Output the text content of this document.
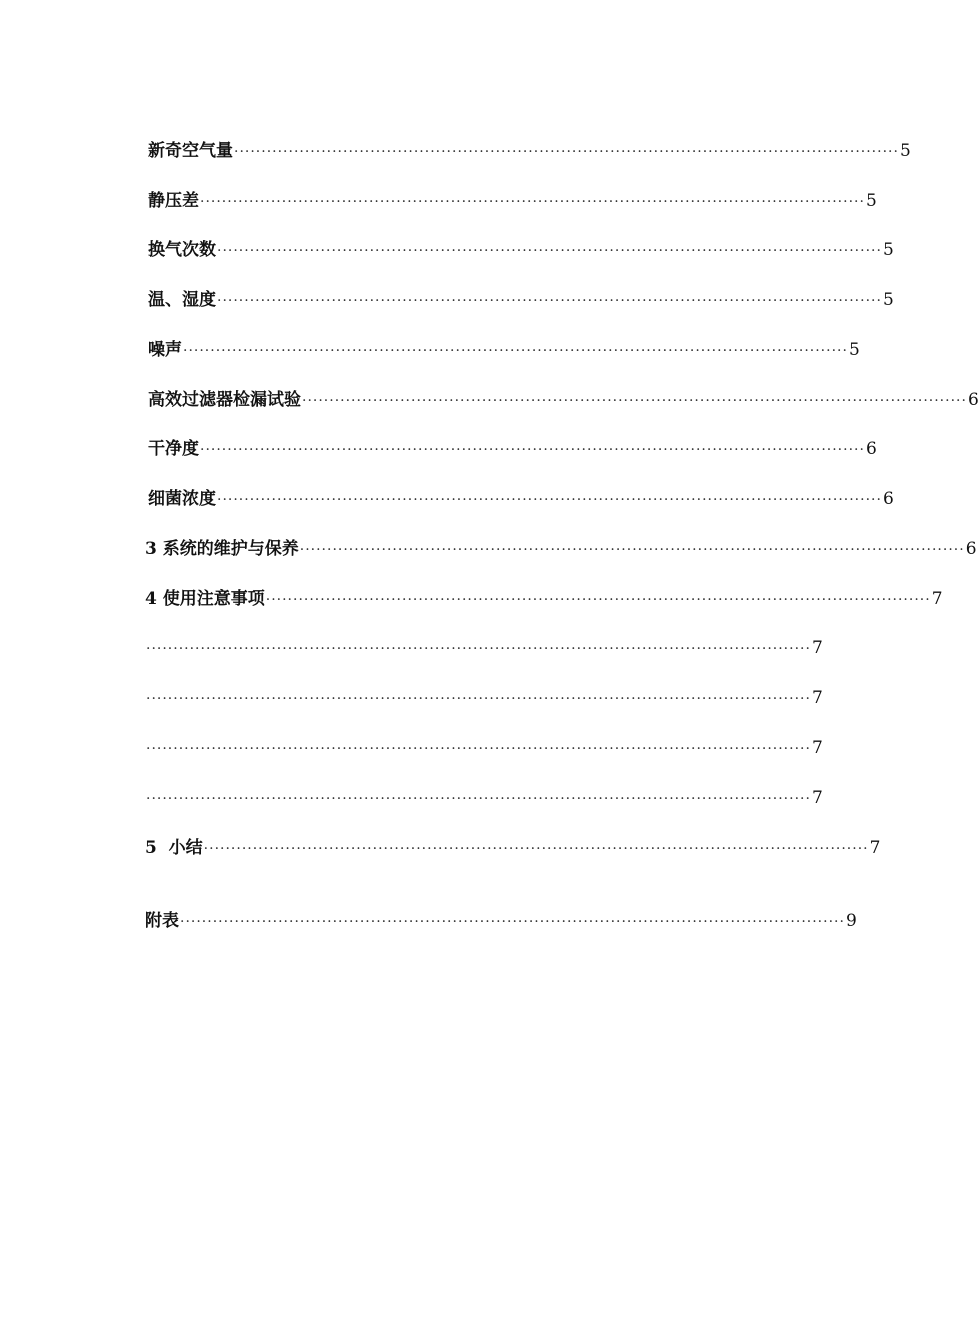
新奇空气量 ·························································································································· 5
静压差 ·························································································································· 5
换气次数 ·························································································································· 5
温、湿度 ·························································································································· 5
噪声 ·························································································································· 5
高效过滤器检漏试验 ·························································································································· 6
干净度 ·························································································································· 6
细菌浓度 ·························································································································· 6
3 系统的维护与保养 ·························································································································· 6
4 使用注意事项 ·························································································································· 7
·························································································································· 7
·························································································································· 7
·························································································································· 7
·························································································································· 7
5  小结 ·························································································································· 7
附表 ·························································································································· 9
